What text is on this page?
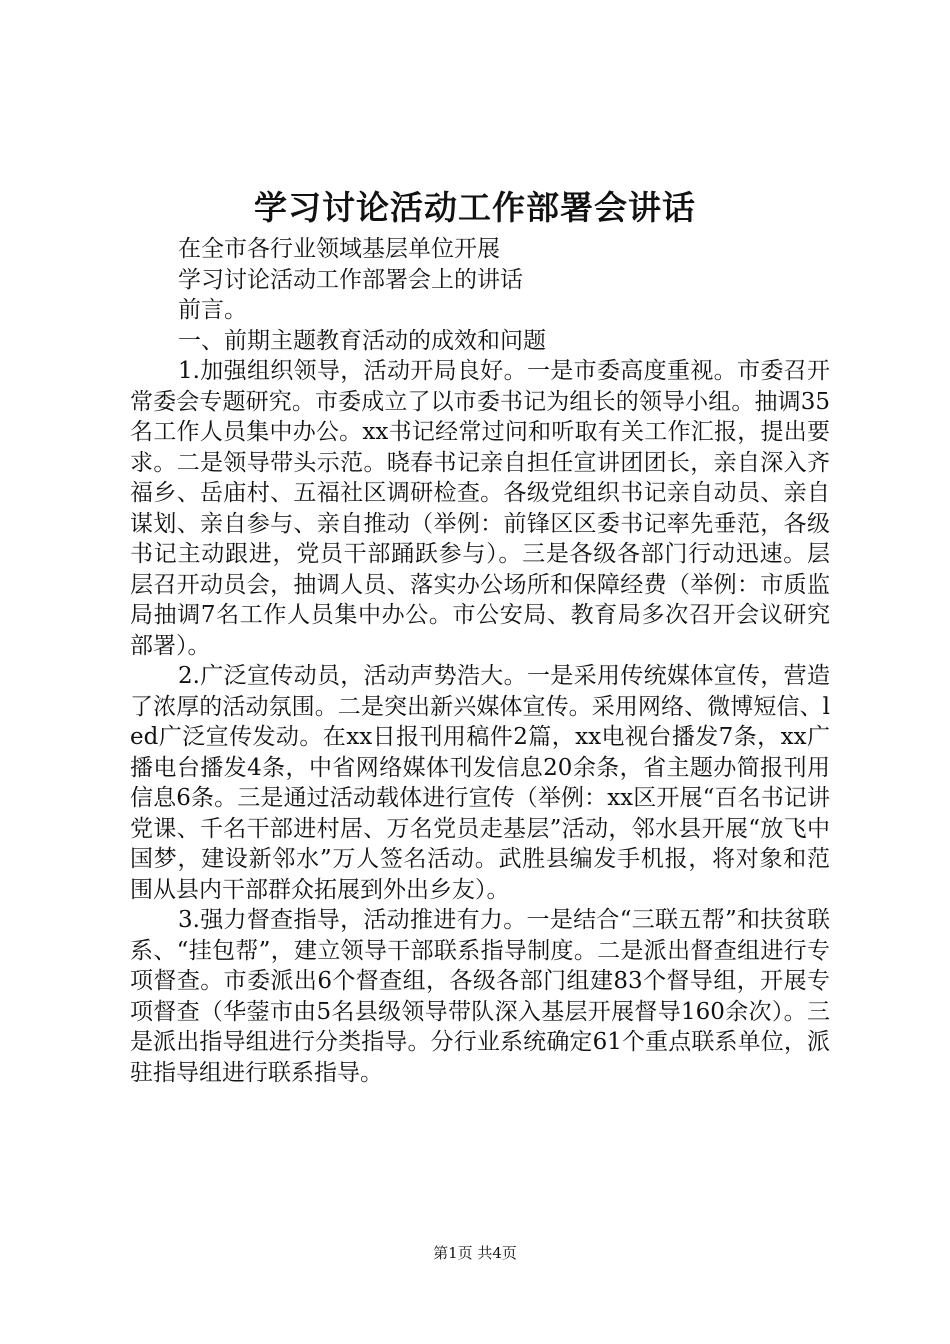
学习讨论活动工作部署会讲话

在全市各行业领域基层单位开展

学习讨论活动工作部署会上的讲话

前言。

一、前期主题教育活动的成效和问题

1.加强组织领导，活动开局良好。一是市委高度重视。市委召开常委会专题研究。市委成立了以市委书记为组长的领导小组。抽调35名工作人员集中办公。xx书记经常过问和听取有关工作汇报，提出要求。二是领导带头示范。晓春书记亲自担任宣讲团团长，亲自深入齐福乡、岳庙村、五福社区调研检查。各级党组织书记亲自动员、亲自谋划、亲自参与、亲自推动（举例：前锋区区委书记率先垂范，各级书记主动跟进，党员干部踊跃参与）。三是各级各部门行动迅速。层层召开动员会，抽调人员、落实办公场所和保障经费（举例：市质监局抽调7名工作人员集中办公。市公安局、教育局多次召开会议研究部署）。

2.广泛宣传动员，活动声势浩大。一是采用传统媒体宣传，营造了浓厚的活动氛围。二是突出新兴媒体宣传。采用网络、微博短信、led广泛宣传发动。在xx日报刊用稿件2篇，xx电视台播发7条，xx广播电台播发4条，中省网络媒体刊发信息20余条，省主题办简报刊用信息6条。三是通过活动载体进行宣传（举例：xx区开展“百名书记讲党课、千名干部进村居、万名党员走基层”活动，邻水县开展“放飞中国梦，建设新邻水”万人签名活动。武胜县编发手机报，将对象和范围从县内干部群众拓展到外出乡友）。

3.强力督查指导，活动推进有力。一是结合“三联五帮”和扶贫联系、“挂包帮”，建立领导干部联系指导制度。二是派出督查组进行专项督查。市委派出6个督查组，各级各部门组建83个督导组，开展专项督查（华蓥市由5名县级领导带队深入基层开展督导160余次）。三是派出指导组进行分类指导。分行业系统确定61个重点联系单位，派驻指导组进行联系指导。

第1页 共4页
